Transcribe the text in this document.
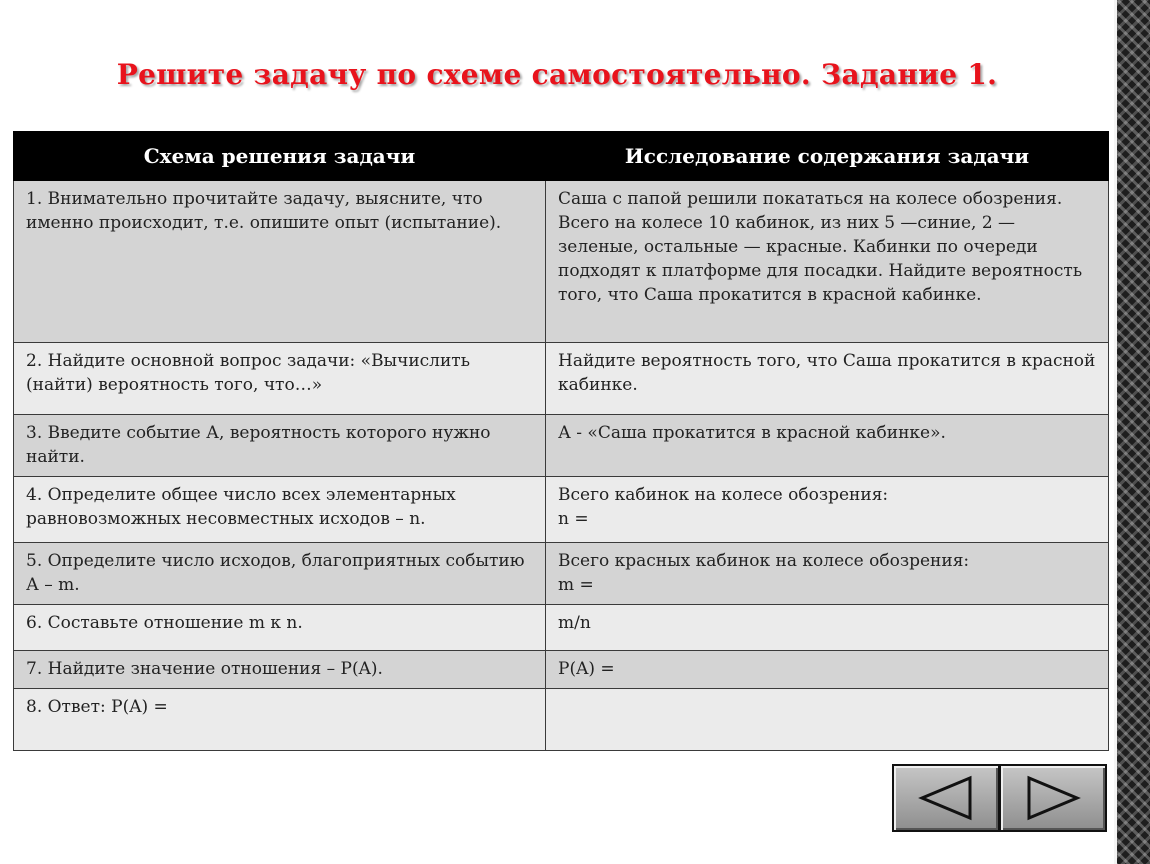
Решите задачу по схеме самостоятельно. Задание 1.
Схема решения задачи	Исследование содержания задачи
1. Внимательно прочитайте задачу, выясните, что именно происходит, т.е. опишите опыт (испытание).	Саша с папой решили покататься на колесе обозрения. Всего на колесе 10 кабинок, из них 5 —синие, 2 — зеленые, остальные — красные. Кабинки по очереди подходят к платформе для посадки. Найдите вероятность того, что Саша прокатится в красной кабинке.
2. Найдите основной вопрос задачи: «Вычислить (найти) вероятность того, что…»	Найдите вероятность того, что Саша прокатится в красной кабинке.
3. Введите событие А, вероятность которого нужно найти.	А - «Саша прокатится в красной кабинке».
4. Определите общее число всех элементарных равновозможных несовместных исходов – n.	Всего кабинок на колесе обозрения:
n =

5. Определите число исходов, благоприятных событию А – m.	Всего красных кабинок на колесе обозрения:
m =

6. Составьте отношение m к n.	m/n
7. Найдите значение отношения – P(A).	P(A) =
8. Ответ: P(A) =	
